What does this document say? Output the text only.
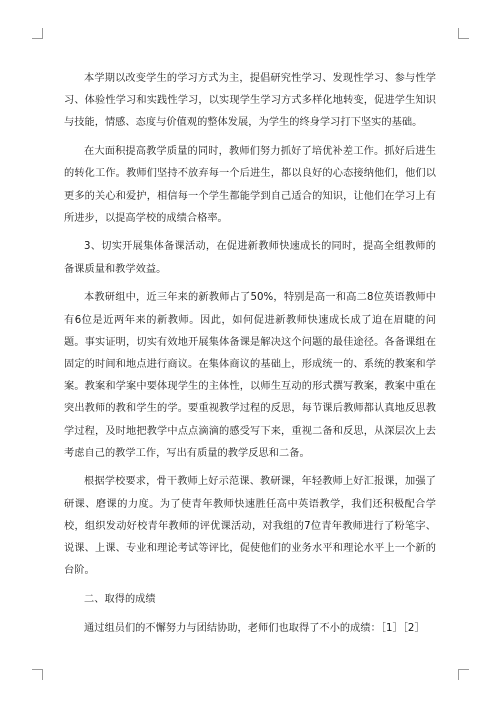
本学期以改变学生的学习方式为主，提倡研究性学习、发现性学习、参与性学习、体验性学习和实践性学习，以实现学生学习方式多样化地转变，促进学生知识与技能，情感、态度与价值观的整体发展，为学生的终身学习打下坚实的基础。

在大面积提高教学质量的同时，教师们努力抓好了培优补差工作。抓好后进生的转化工作。教师们坚持不放弃每一个后进生，都以良好的心态接纳他们，他们以更多的关心和爱护，相信每一个学生都能学到自己适合的知识，让他们在学习上有所进步，以提高学校的成绩合格率。

3、切实开展集体备课活动，在促进新教师快速成长的同时，提高全组教师的备课质量和教学效益。

本教研组中，近三年来的新教师占了50%，特别是高一和高二8位英语教师中有6位是近两年来的新教师。因此，如何促进新教师快速成长成了迫在眉睫的问题。事实证明，切实有效地开展集体备课是解决这个问题的最佳途径。各备课组在固定的时间和地点进行商议。在集体商议的基础上，形成统一的、系统的教案和学案。教案和学案中要体现学生的主体性，以师生互动的形式撰写教案，教案中重在突出教师的教和学生的学。要重视教学过程的反思，每节课后教师都认真地反思教学过程，及时地把教学中点点滴滴的感受写下来，重视二备和反思，从深层次上去考虑自己的教学工作，写出有质量的教学反思和二备。

根据学校要求，骨干教师上好示范课、教研课，年轻教师上好汇报课，加强了研课、磨课的力度。为了使青年教师快速胜任高中英语教学，我们还积极配合学校，组织发动好校青年教师的评优课活动，对我组的7位青年教师进行了粉笔字、说课、上课、专业和理论考试等评比，促使他们的业务水平和理论水平上一个新的台阶。

二、取得的成绩

通过组员们的不懈努力与团结协助，老师们也取得了不小的成绩：［1］［2］
